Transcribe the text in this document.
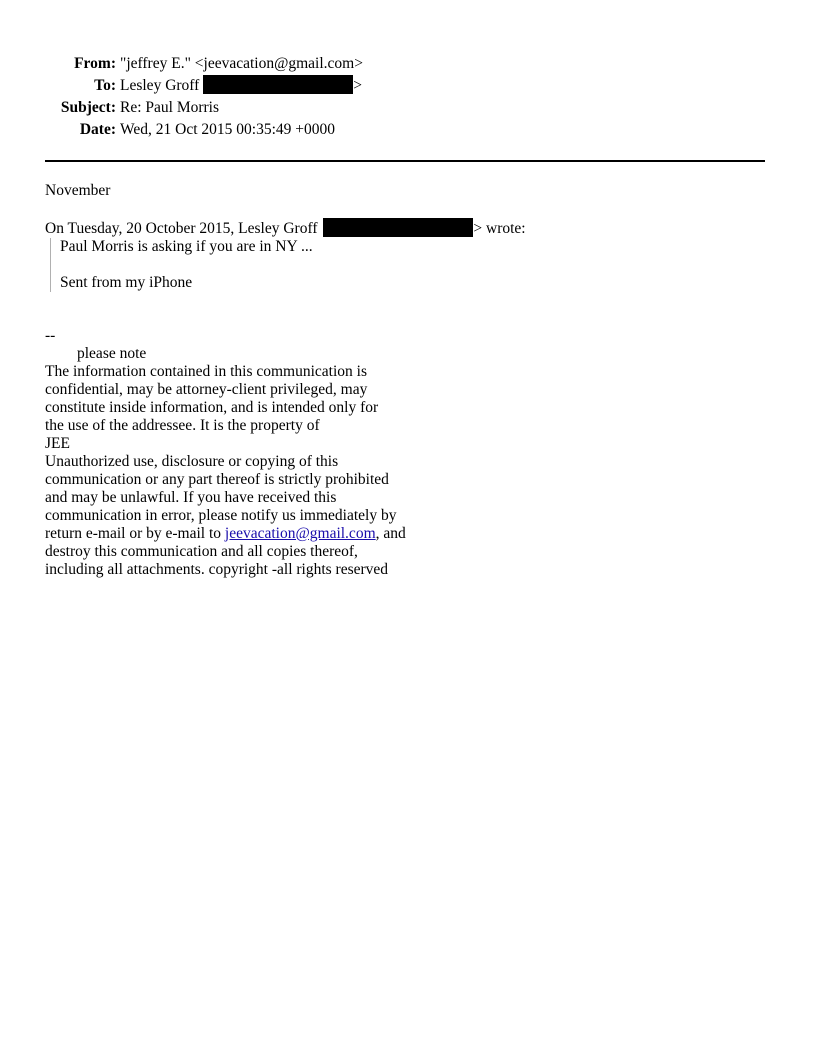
From: "jeffrey E." <jeevacation@gmail.com>
To: Lesley Groff	>
Subject: Re: Paul Morris
Date: Wed, 21 Oct 2015 00:35:49 +0000

November

On Tuesday, 20 October 2015, Lesley Groff	> wrote:

Paul Morris is asking if you are in NY ...

Sent from my iPhone

--
please note
The information contained in this communication is
confidential, may be attorney-client privileged, may
constitute inside information, and is intended only for
the use of the addressee. It is the property of
JEE
Unauthorized use, disclosure or copying of this
communication or any part thereof is strictly prohibited
and may be unlawful. If you have received this
communication in error, please notify us immediately by
return e-mail or by e-mail to jeevacation@gmail.com, and
destroy this communication and all copies thereof,
including all attachments. copyright -all rights reserved
